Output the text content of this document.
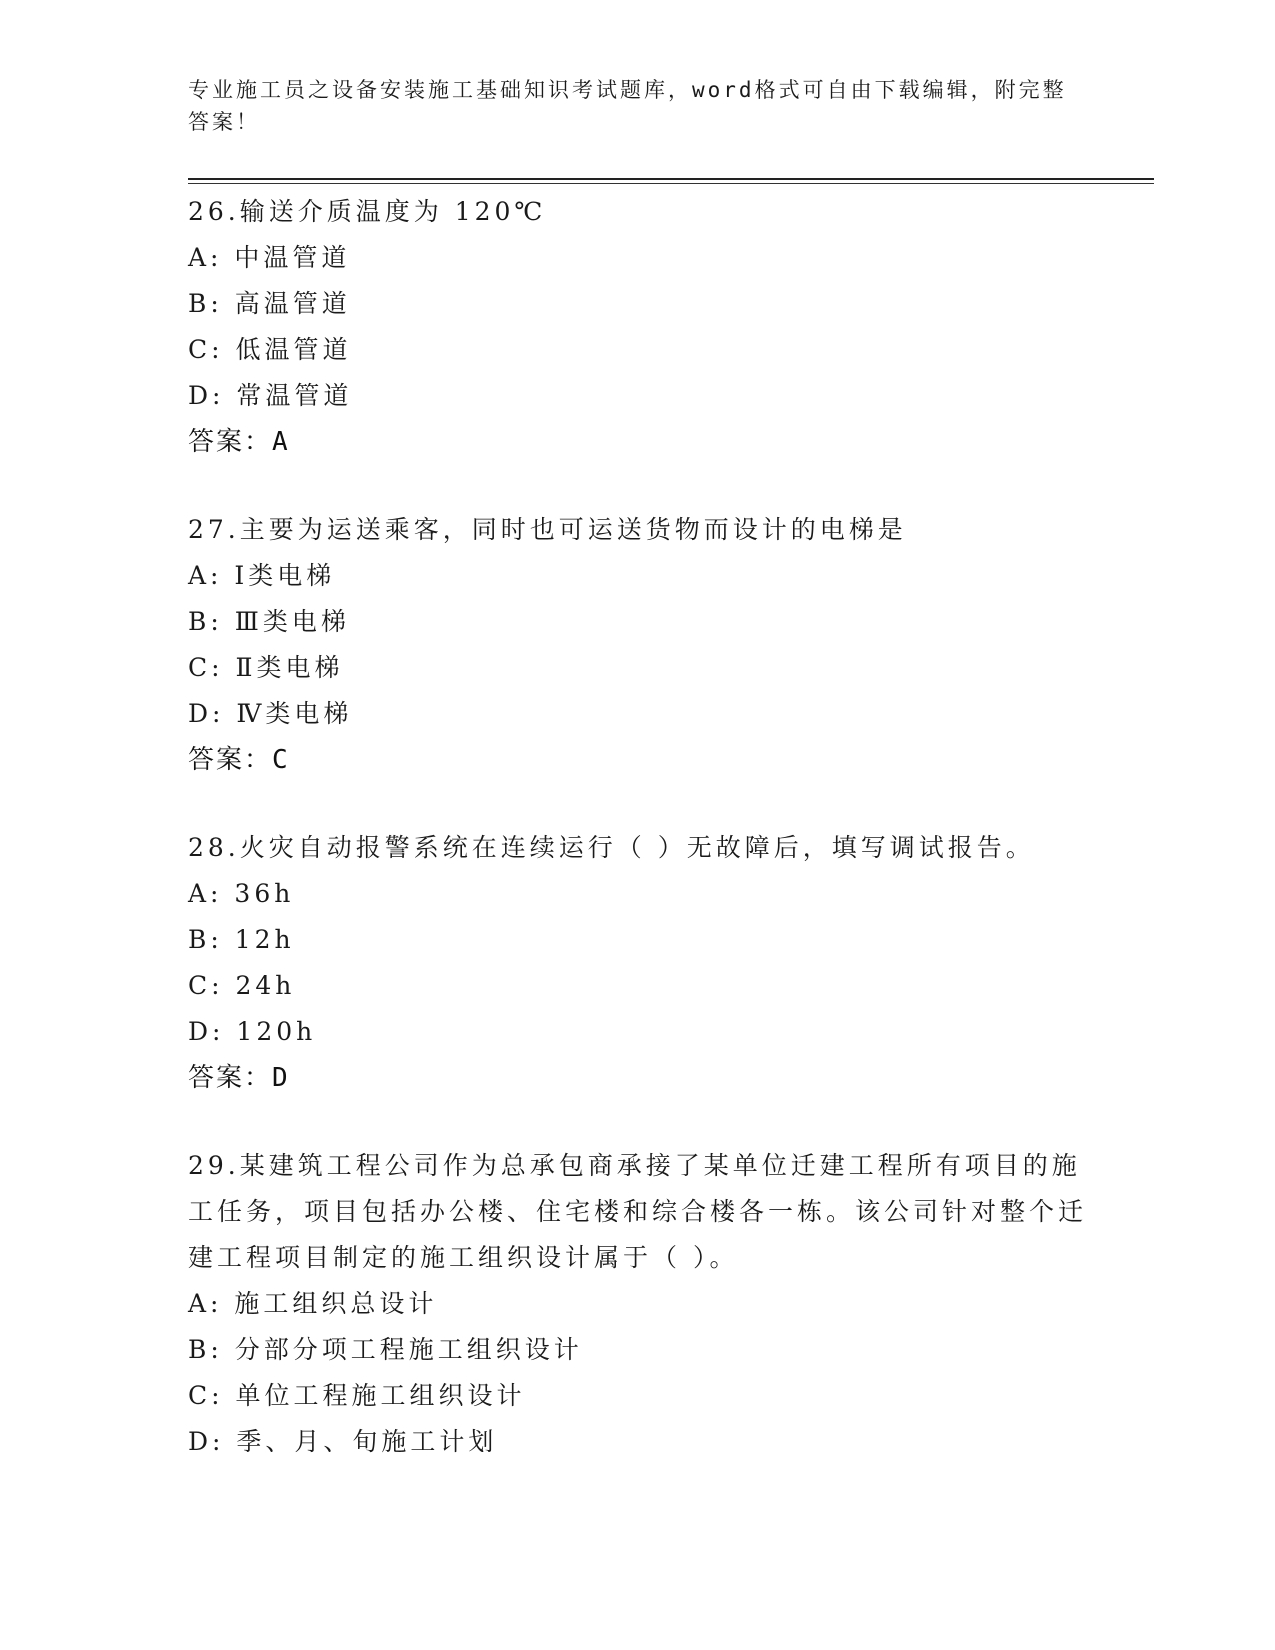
专业施工员之设备安装施工基础知识考试题库，word格式可自由下载编辑，附完整答案！
26.输送介质温度为 120℃
A: 中温管道
B: 高温管道
C: 低温管道
D: 常温管道
答案：A
27.主要为运送乘客，同时也可运送货物而设计的电梯是
A: Ⅰ类电梯
B: Ⅲ类电梯
C: Ⅱ类电梯
D: Ⅳ类电梯
答案：C
28.火灾自动报警系统在连续运行（ ）无故障后，填写调试报告。
A: 36h
B: 12h
C: 24h
D: 120h
答案：D
29.某建筑工程公司作为总承包商承接了某单位迁建工程所有项目的施工任务，项目包括办公楼、住宅楼和综合楼各一栋。该公司针对整个迁建工程项目制定的施工组织设计属于（ ）。
A: 施工组织总设计
B: 分部分项工程施工组织设计
C: 单位工程施工组织设计
D: 季、月、旬施工计划
